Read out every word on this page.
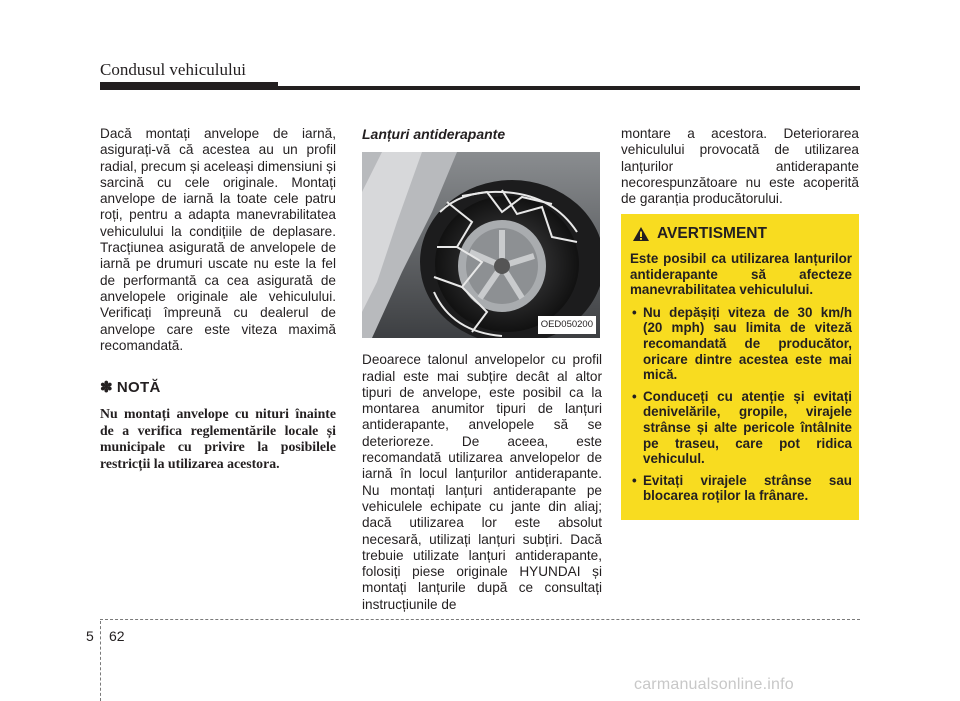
Condusul vehiculului

Dacă montați anvelope de iarnă, asigurați-vă că acestea au un profil radial, precum și aceleași dimensiuni și sarcină cu cele originale. Montați anvelope de iarnă la toate cele patru roți, pentru a adapta manevrabilitatea vehiculului la condițiile de deplasare. Tracțiunea asigurată de anvelopele de iarnă pe drumuri uscate nu este la fel de performantă ca cea asigurată de anvelopele originale ale vehiculului. Verificați împreună cu dealerul de anvelope care este viteza maximă recomandată.

✽ NOTĂ

Nu montați anvelope cu nituri înainte de a verifica reglementările locale și municipale cu privire la posibilele restricții la utilizarea acestora.

Lanțuri antiderapante

OED050200

Deoarece talonul anvelopelor cu profil radial este mai subțire decât al altor tipuri de anvelope, este posibil ca la montarea anumitor tipuri de lanțuri antiderapante, anvelopele să se deterioreze. De aceea, este recomandată utilizarea anvelopelor de iarnă în locul lanțurilor antiderapante. Nu montați lanțuri antiderapante pe vehiculele echipate cu jante din aliaj; dacă utilizarea lor este absolut necesară, utilizați lanțuri subțiri. Dacă trebuie utilizate lanțuri antiderapante, folosiți piese originale HYUNDAI și montați lanțurile după ce consultați instrucțiunile de

montare a acestora. Deteriorarea vehiculului provocată de utilizarea lanțurilor antiderapante necorespunzătoare nu este acoperită de garanția producătorului.

AVERTISMENT

Este posibil ca utilizarea lanțurilor antiderapante să afecteze manevrabilitatea vehiculului.

• Nu depășiți viteza de 30 km/h (20 mph) sau limita de viteză recomandată de producător, oricare dintre acestea este mai mică.
• Conduceți cu atenție și evitați denivelările, gropile, virajele strânse și alte pericole întâlnite pe traseu, care pot ridica vehiculul.
• Evitați virajele strânse sau blocarea roților la frânare.
5 62
carmanualsonline.info
